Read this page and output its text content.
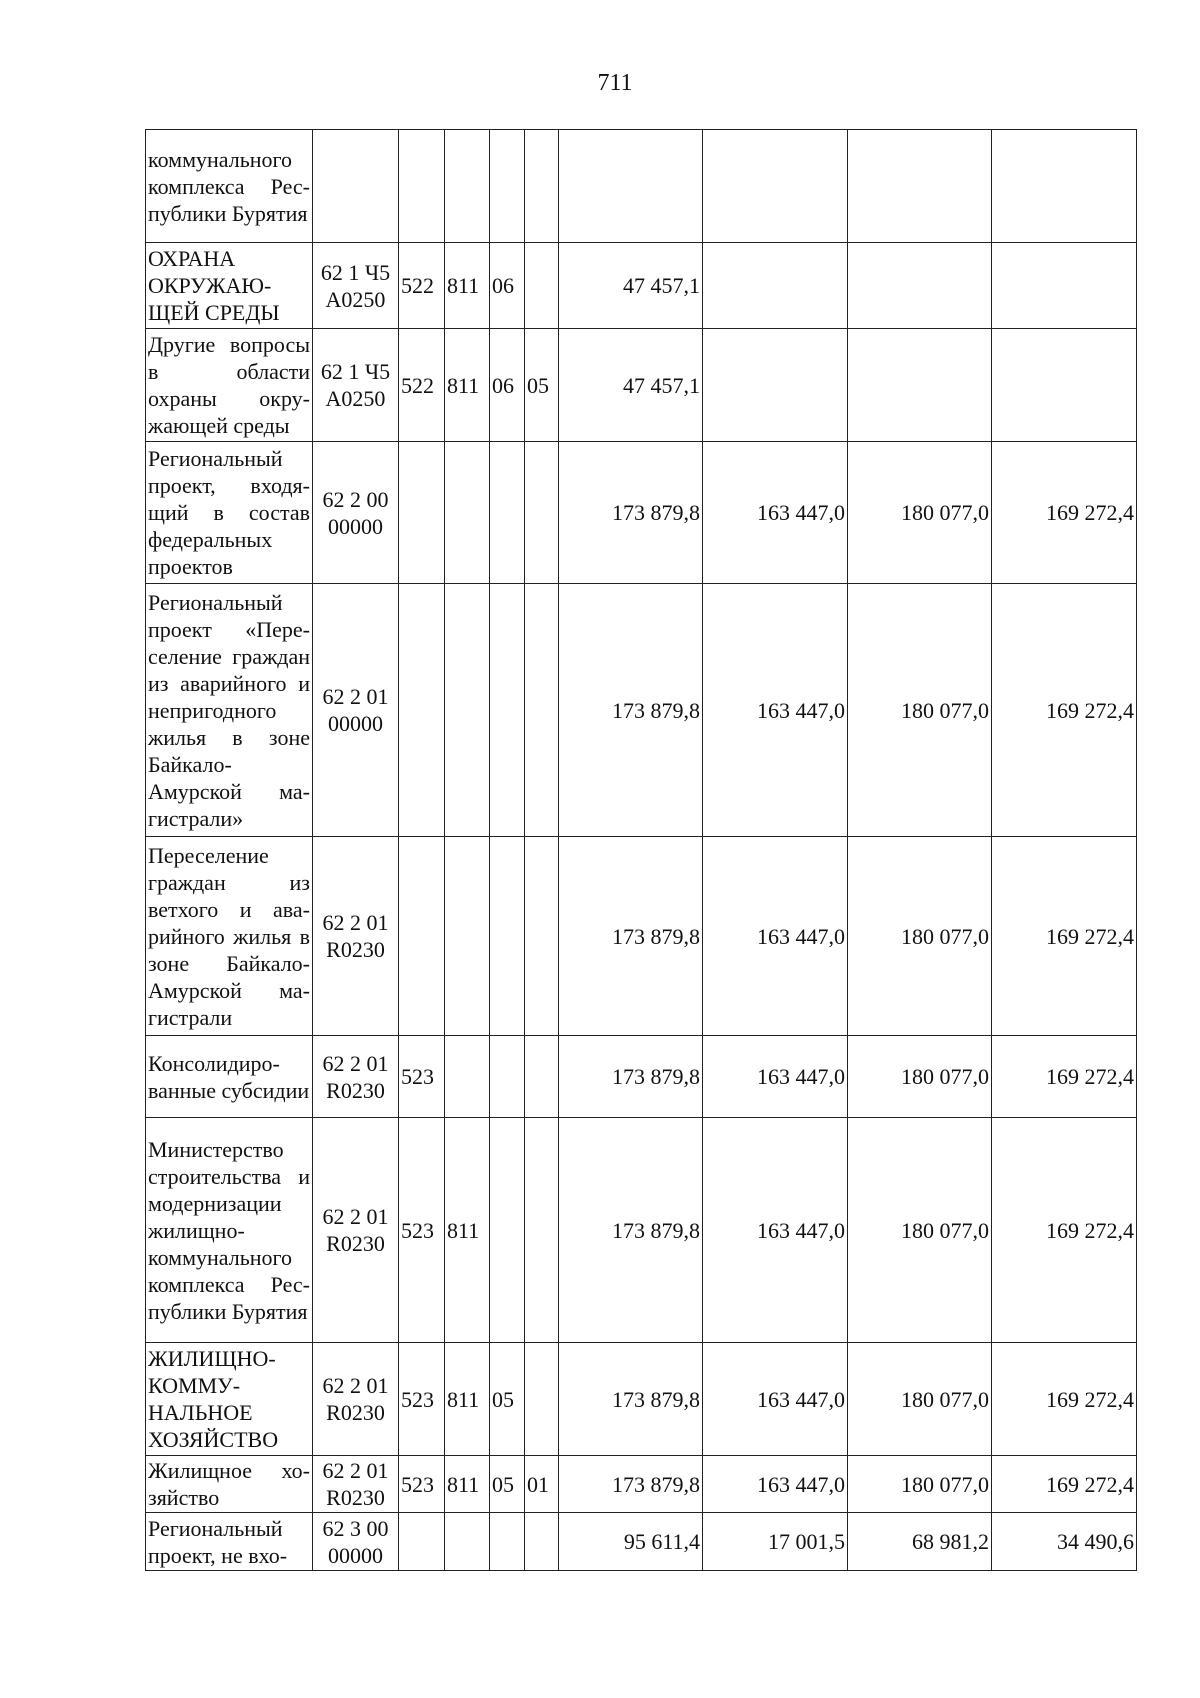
711
коммунального комплекса Республики Бурятия									
ОХРАНА ОКРУЖАЮ-ЩЕЙ СРЕДЫ	62 1 Ч5 А0250	522	811	06		47 457,1			
Другие вопросы в области охраны окружающей среды	62 1 Ч5 А0250	522	811	06	05	47 457,1			
Региональный проект, входящий в состав федеральных проектов	62 2 00 00000					173 879,8	163 447,0	180 077,0	169 272,4
Региональный проект «Переселение граждан из аварийного и непригодного жилья в зоне Байкало-Амурской магистрали»	62 2 01 00000					173 879,8	163 447,0	180 077,0	169 272,4
Переселение граждан из ветхого и аварийного жилья в зоне Байкало-Амурской магистрали	62 2 01 R0230					173 879,8	163 447,0	180 077,0	169 272,4
Консолидированные субсидии	62 2 01 R0230	523				173 879,8	163 447,0	180 077,0	169 272,4
Министерство строительства и модернизации жилищно-коммунального комплекса Республики Бурятия	62 2 01 R0230	523	811			173 879,8	163 447,0	180 077,0	169 272,4
ЖИЛИЩНО-КОММУ-НАЛЬНОЕ ХОЗЯЙСТВО	62 2 01 R0230	523	811	05		173 879,8	163 447,0	180 077,0	169 272,4
Жилищное хозяйство	62 2 01 R0230	523	811	05	01	173 879,8	163 447,0	180 077,0	169 272,4
Региональный проект, не вхо-	62 3 00 00000					95 611,4	17 001,5	68 981,2	34 490,6
